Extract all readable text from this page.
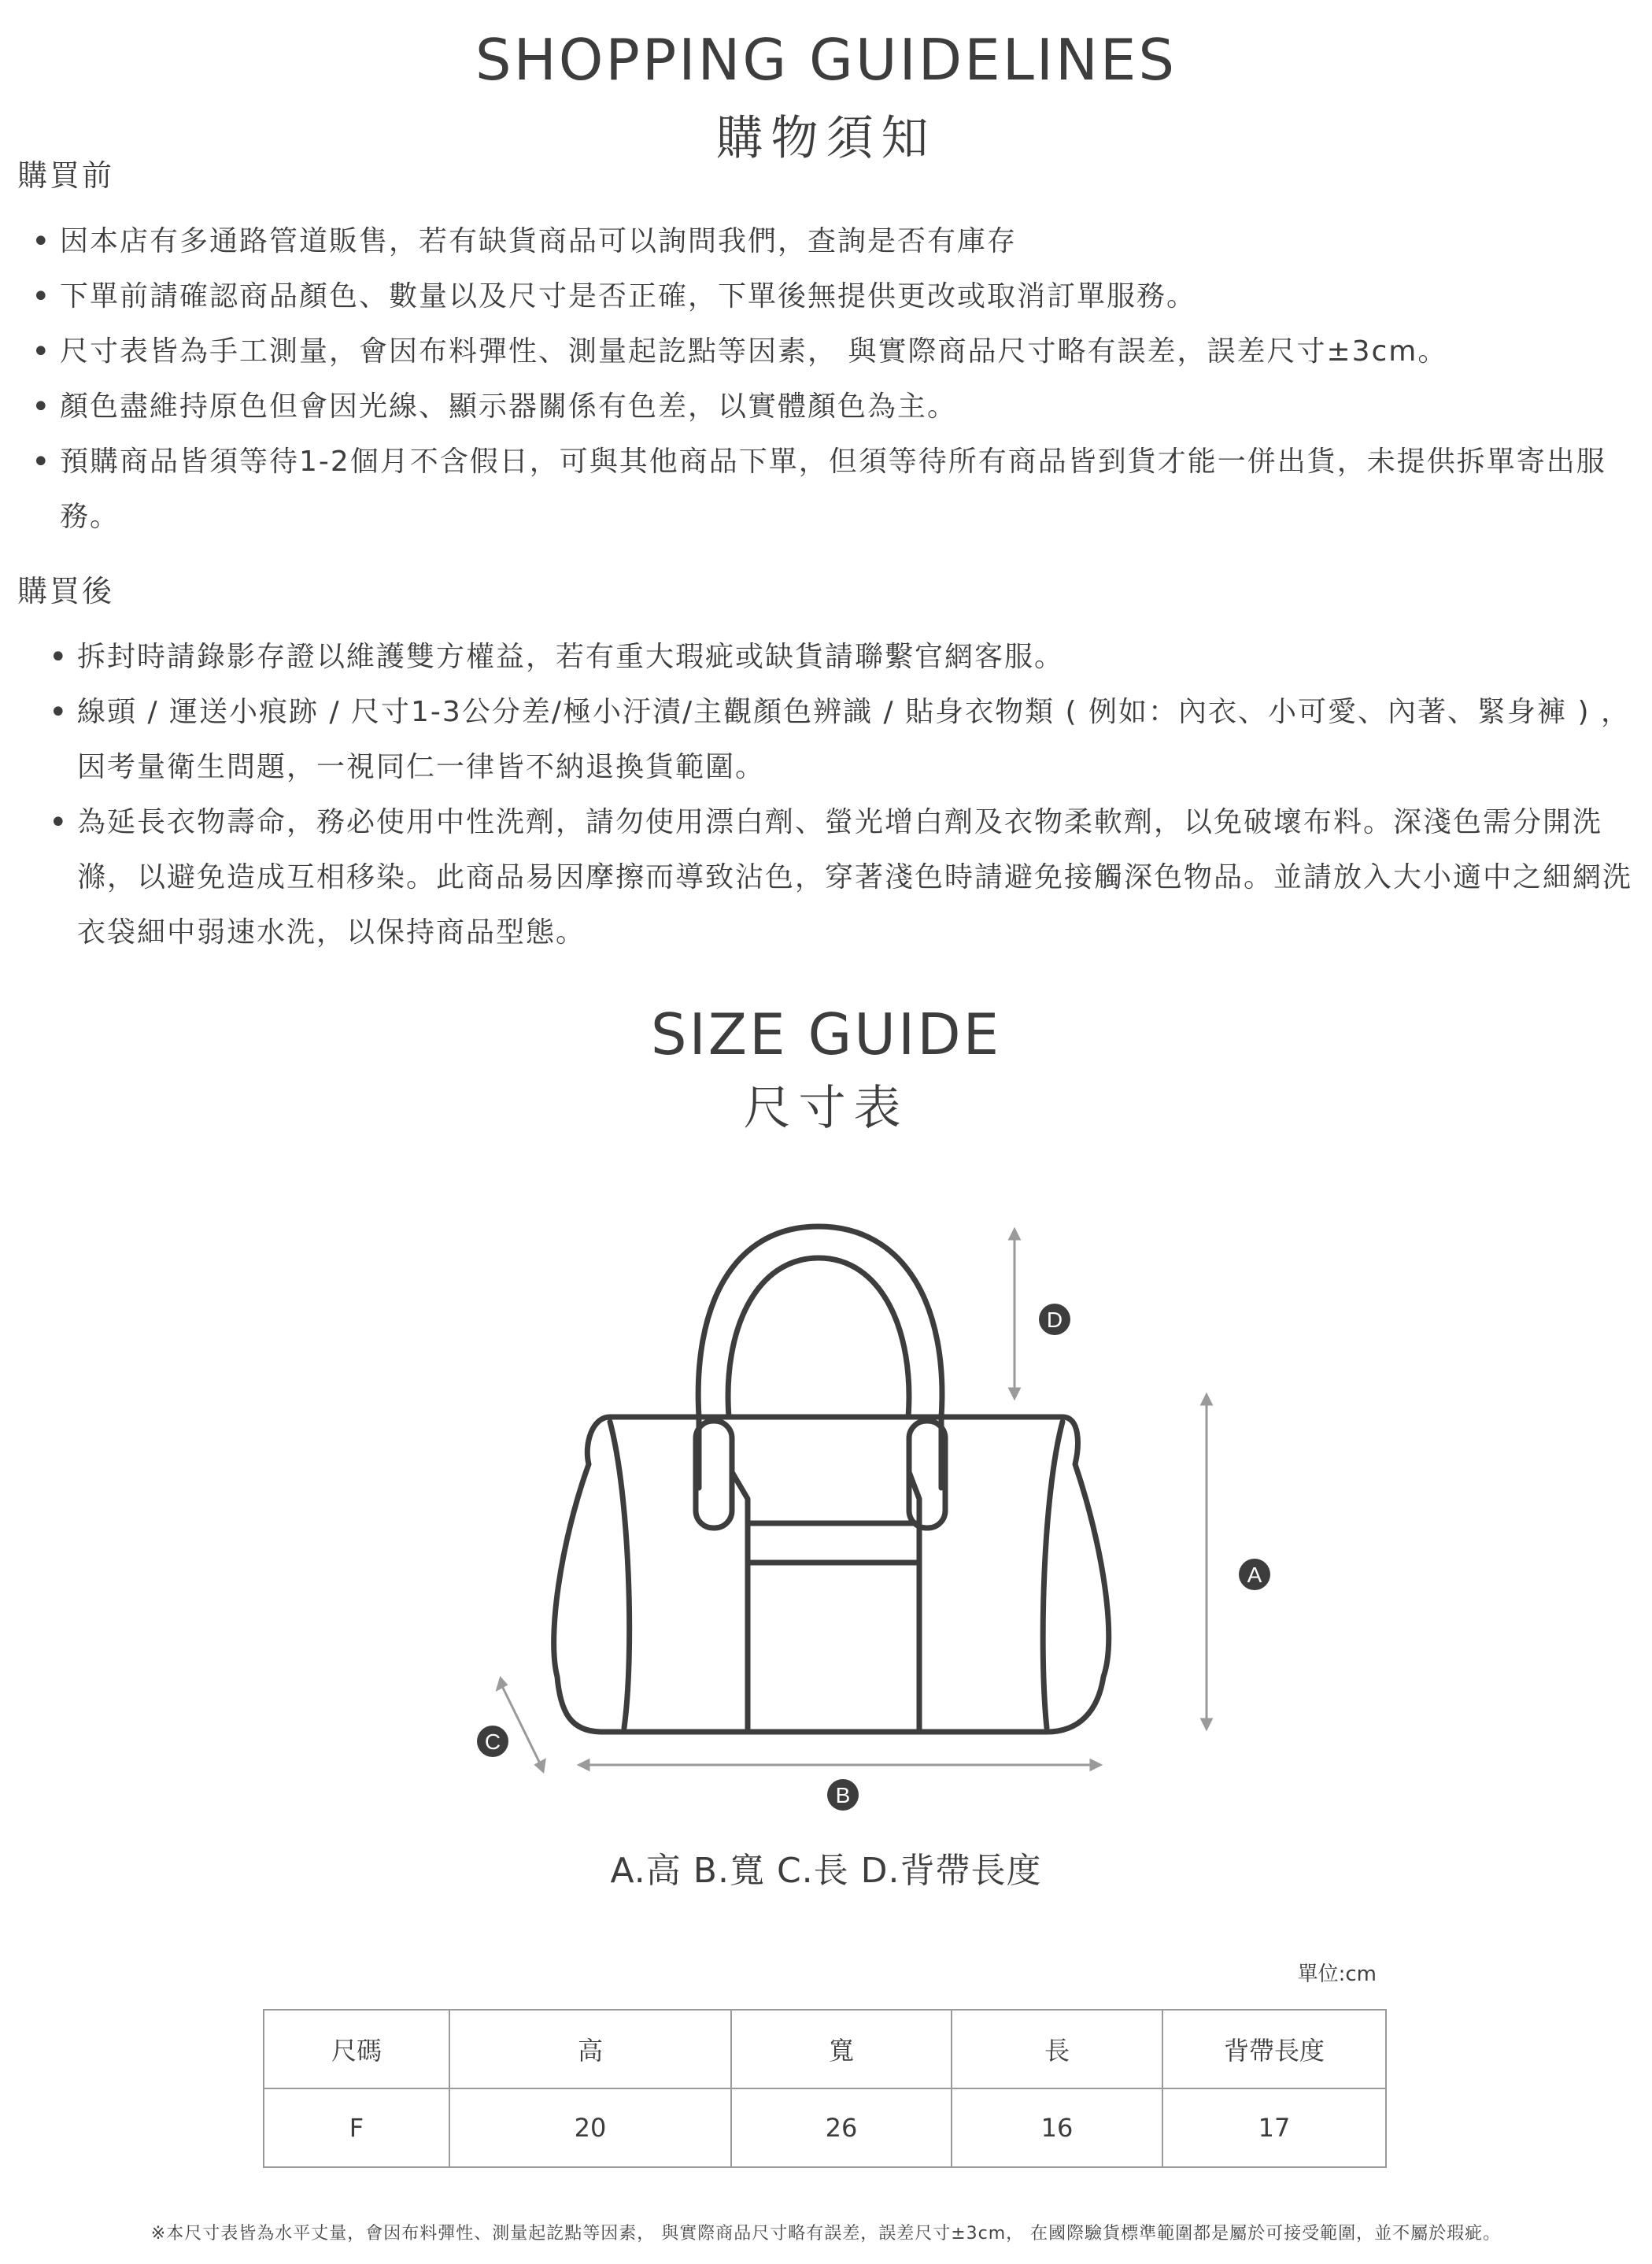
SHOPPING GUIDELINES
購物須知
購買前
• 因本店有多通路管道販售，若有缺貨商品可以詢問我們，查詢是否有庫存
• 下單前請確認商品顏色、數量以及尺寸是否正確，下單後無提供更改或取消訂單服務。
• 尺寸表皆為手工測量，會因布料彈性、測量起訖點等因素， 與實際商品尺寸略有誤差，誤差尺寸±3cm。
• 顏色盡維持原色但會因光線、顯示器關係有色差，以實體顏色為主。
• 預購商品皆須等待1-2個月不含假日，可與其他商品下單，但須等待所有商品皆到貨才能一併出貨，未提供拆單寄出服務。
購買後
• 拆封時請錄影存證以維護雙方權益，若有重大瑕疵或缺貨請聯繫官網客服。
• 線頭 / 運送小痕跡 / 尺寸1-3公分差/極小汙漬/主觀顏色辨識 / 貼身衣物類 ( 例如：內衣、小可愛、內著、緊身褲 ) ，因考量衛生問題，一視同仁一律皆不納退換貨範圍。
• 為延長衣物壽命，務必使用中性洗劑，請勿使用漂白劑、螢光增白劑及衣物柔軟劑，以免破壞布料。深淺色需分開洗滌，以避免造成互相移染。此商品易因摩擦而導致沾色，穿著淺色時請避免接觸深色物品。並請放入大小適中之細網洗衣袋細中弱速水洗，以保持商品型態。
SIZE GUIDE
尺寸表
D
A
C
B
A.高 B.寬 C.長 D.背帶長度
單位:cm
尺碼	高	寬	長	背帶長度
F	20	26	16	17
※本尺寸表皆為水平丈量，會因布料彈性、測量起訖點等因素， 與實際商品尺寸略有誤差，誤差尺寸±3cm， 在國際驗貨標準範圍都是屬於可接受範圍，並不屬於瑕疵。
